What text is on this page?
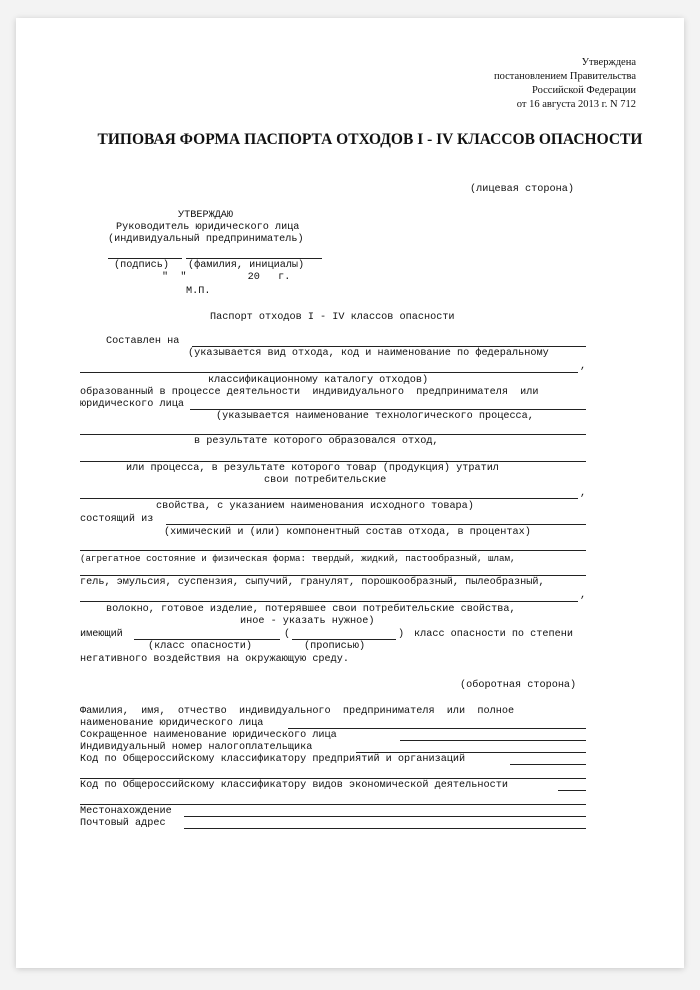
Утверждена
постановлением Правительства
Российской Федерации
от 16 августа 2013 г. N 712
ТИПОВАЯ ФОРМА ПАСПОРТА ОТХОДОВ I - IV КЛАССОВ ОПАСНОСТИ
(лицевая сторона)
УТВЕРЖДАЮ
Руководитель юридического лица
(индивидуальный предприниматель)
(подпись) (фамилия, инициалы)
"  "          20   г.
М.П.
Паспорт отходов I - IV классов опасности
Составлен на
(указывается вид отхода, код и наименование по федеральному
,
классификационному каталогу отходов)
образованный в процессе деятельности  индивидуального  предпринимателя  или
юридического лица
(указывается наименование технологического процесса,
в результате которого образовался отход,
или процесса, в результате которого товар (продукция) утратил
свои потребительские
,
свойства, с указанием наименования исходного товара)
состоящий из
(химический и (или) компонентный состав отхода, в процентах)
(агрегатное состояние и физическая форма: твердый, жидкий, пастообразный, шлам,
гель, эмульсия, суспензия, сыпучий, гранулят, порошкообразный, пылеобразный,
,
волокно, готовое изделие, потерявшее свои потребительские свойства,
иное - указать нужное)
имеющий	(	) класс опасности по степени
(класс опасности)	(прописью)
негативного воздействия на окружающую среду.
(оборотная сторона)
Фамилия,  имя,  отчество  индивидуального  предпринимателя  или  полное
наименование юридического лица
Сокращенное наименование юридического лица
Индивидуальный номер налогоплательщика
Код по Общероссийскому классификатору предприятий и организаций
Код по Общероссийскому классификатору видов экономической деятельности
Местонахождение
Почтовый адрес
